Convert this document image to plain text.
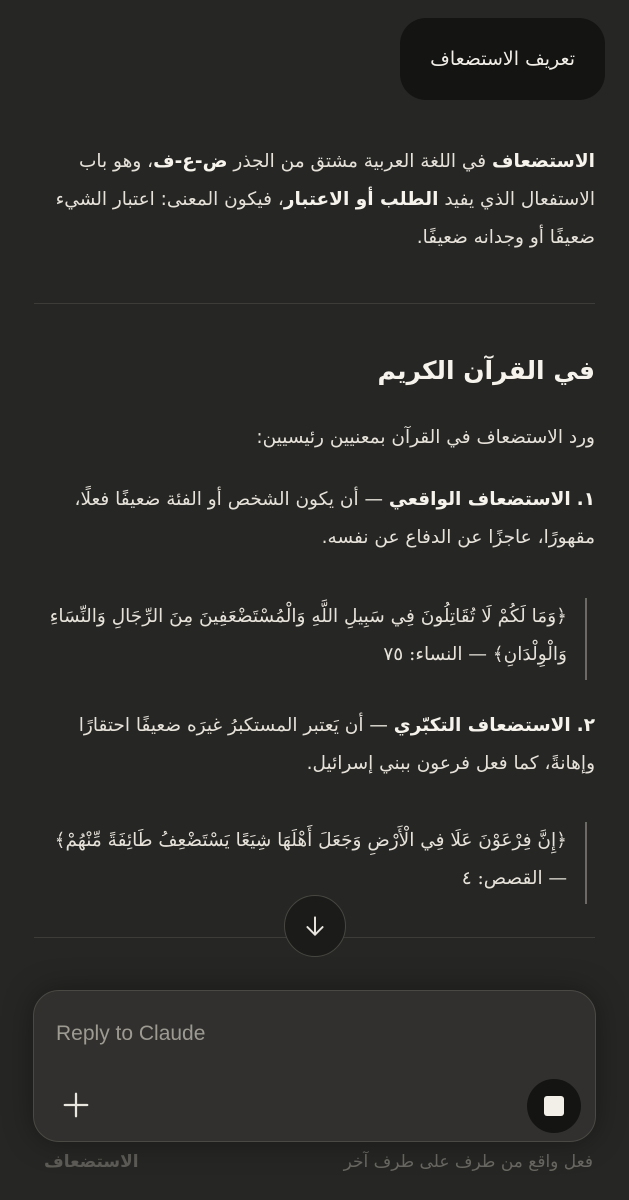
تعريف الاستضعاف
الاستضعاف في اللغة العربية مشتق من الجذر ض-ع-ف، وهو باب الاستفعال الذي يفيد الطلب أو الاعتبار، فيكون المعنى: اعتبار الشيء ضعيفًا أو وجدانه ضعيفًا.
في القرآن الكريم
ورد الاستضعاف في القرآن بمعنيين رئيسيين:
١. الاستضعاف الواقعي — أن يكون الشخص أو الفئة ضعيفًا فعلًا، مقهورًا، عاجزًا عن الدفاع عن نفسه.
﴿وَمَا لَكُمْ لَا تُقَاتِلُونَ فِي سَبِيلِ اللَّهِ وَالْمُسْتَضْعَفِينَ مِنَ الرِّجَالِ وَالنِّسَاءِ وَالْوِلْدَانِ﴾ — النساء: ٧٥
٢. الاستضعاف التكبّري — أن يَعتبر المستكبرُ غيرَه ضعيفًا احتقارًا وإهانةً، كما فعل فرعون ببني إسرائيل.
﴿إِنَّ فِرْعَوْنَ عَلَا فِي الْأَرْضِ وَجَعَلَ أَهْلَهَا شِيَعًا يَسْتَضْعِفُ طَائِفَةً مِّنْهُمْ﴾ — القصص: ٤
فعل واقع من طرف على طرف آخر
الاستضعاف
Reply to Claude
